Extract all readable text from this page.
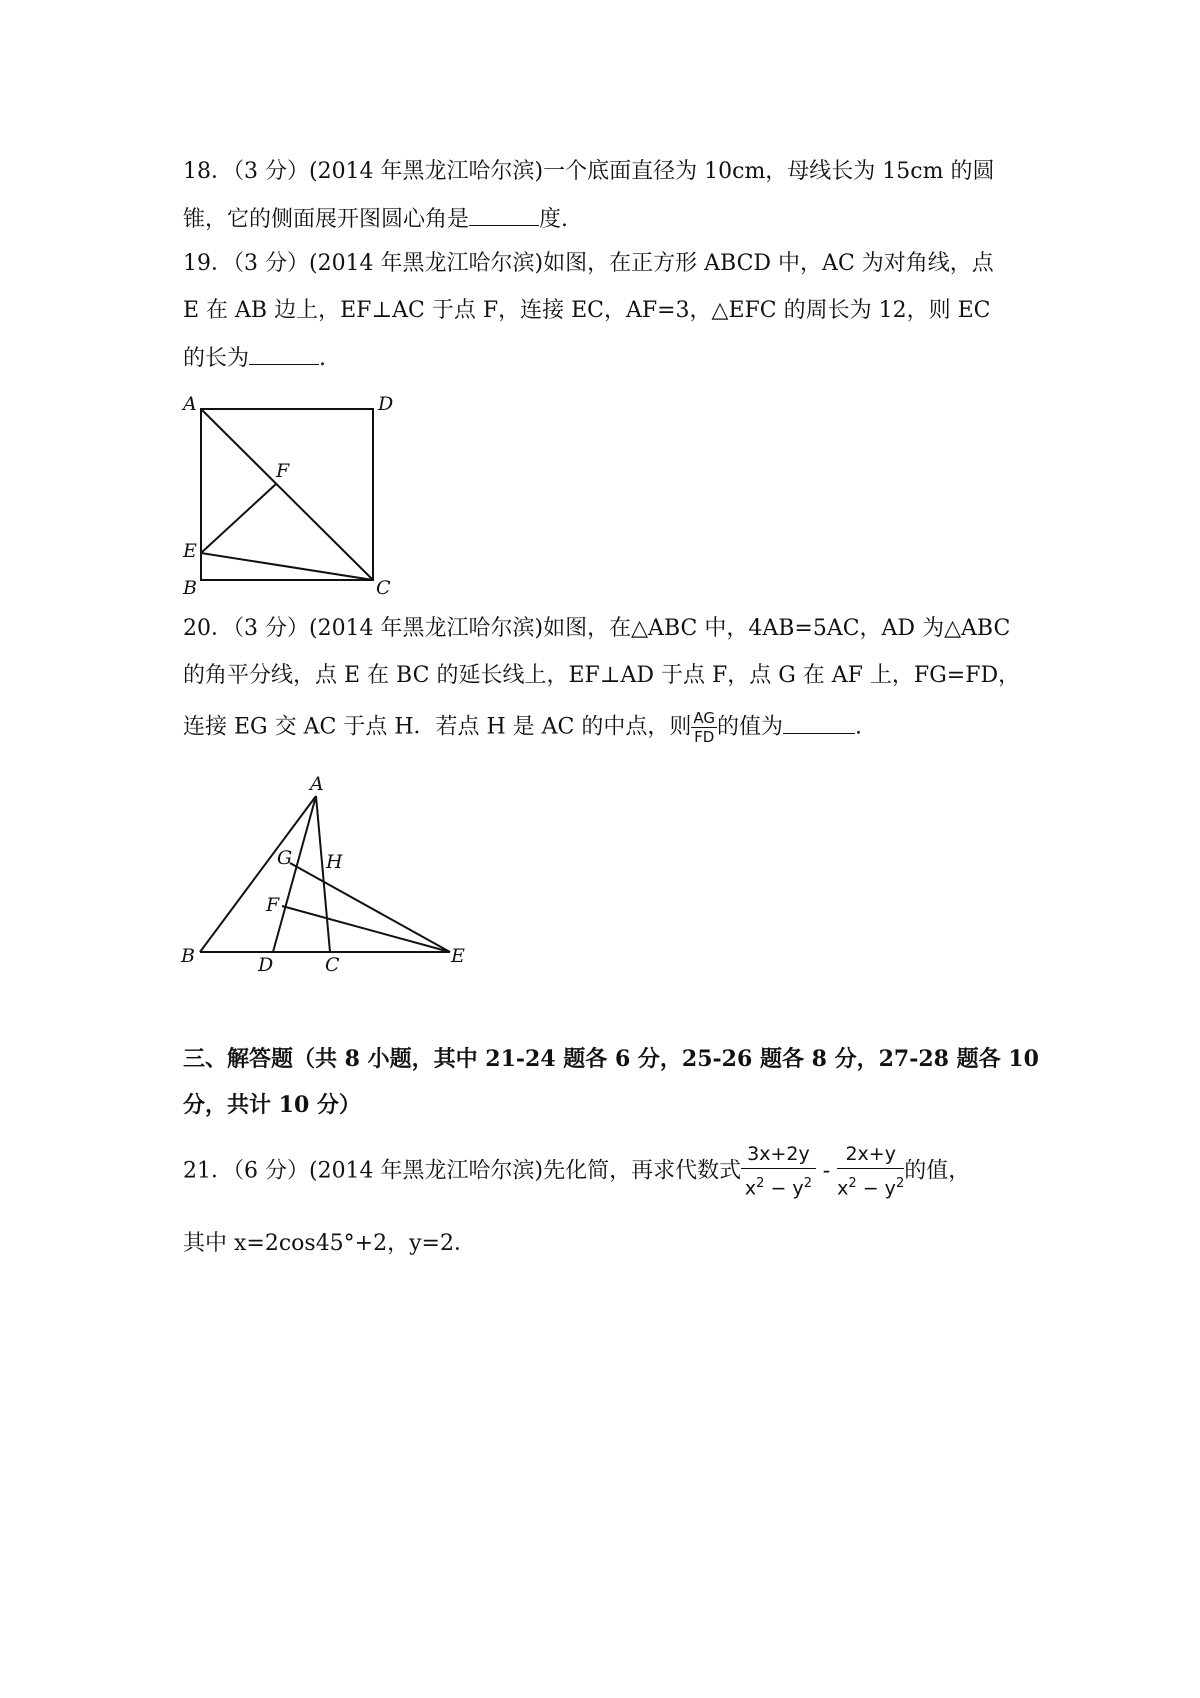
18．（3 分）(2014 年黑龙江哈尔滨)一个底面直径为 10cm，母线长为 15cm 的圆
锥，它的侧面展开图圆心角是	度.
19．（3 分）(2014 年黑龙江哈尔滨)如图，在正方形 ABCD 中，AC 为对角线，点
E 在 AB 边上，EF⊥AC 于点 F，连接 EC，AF=3，△EFC 的周长为 12，则 EC
的长为	.
A	D
F
E
B	C
20．（3 分）(2014 年黑龙江哈尔滨)如图，在△ABC 中，4AB=5AC，AD 为△ABC
的角平分线，点 E 在 BC 的延长线上，EF⊥AD 于点 F，点 G 在 AF 上，FG=FD，
连接 EG 交 AC 于点 H．若点 H 是 AC 的中点，则 $\frac{AG}{FD}$ 的值为	.
A
G H
F
B	D	C	E
三、解答题（共 8 小题，其中 21-24 题各 6 分，25-26 题各 8 分，27-28 题各 10
分，共计 10 分）
21．（6 分）(2014 年黑龙江哈尔滨)先化简，再求代数式 $\frac{3x+2y}{x^2 - y^2} - \frac{2x+y}{x^2 - y^2}$ 的值，
其中 x=2cos45°+2，y=2．
